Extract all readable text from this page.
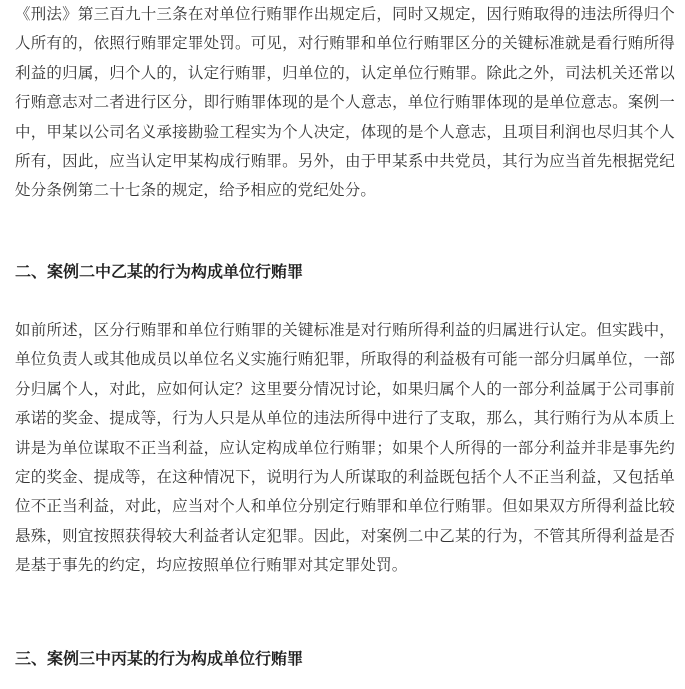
《刑法》第三百九十三条在对单位行贿罪作出规定后，同时又规定，因行贿取得的违法所得归个人所有的，依照行贿罪定罪处罚。可见，对行贿罪和单位行贿罪区分的关键标准就是看行贿所得利益的归属，归个人的，认定行贿罪，归单位的，认定单位行贿罪。除此之外，司法机关还常以行贿意志对二者进行区分，即行贿罪体现的是个人意志，单位行贿罪体现的是单位意志。案例一中，甲某以公司名义承接勘验工程实为个人决定，体现的是个人意志，且项目利润也尽归其个人所有，因此，应当认定甲某构成行贿罪。另外，由于甲某系中共党员，其行为应当首先根据党纪处分条例第二十七条的规定，给予相应的党纪处分。

二、案例二中乙某的行为构成单位行贿罪

如前所述，区分行贿罪和单位行贿罪的关键标准是对行贿所得利益的归属进行认定。但实践中，单位负责人或其他成员以单位名义实施行贿犯罪，所取得的利益极有可能一部分归属单位，一部分归属个人，对此，应如何认定？这里要分情况讨论，如果归属个人的一部分利益属于公司事前承诺的奖金、提成等，行为人只是从单位的违法所得中进行了支取，那么，其行贿行为从本质上讲是为单位谋取不正当利益，应认定构成单位行贿罪；如果个人所得的一部分利益并非是事先约定的奖金、提成等，在这种情况下，说明行为人所谋取的利益既包括个人不正当利益，又包括单位不正当利益，对此，应当对个人和单位分别定行贿罪和单位行贿罪。但如果双方所得利益比较悬殊，则宜按照获得较大利益者认定犯罪。因此，对案例二中乙某的行为，不管其所得利益是否是基于事先的约定，均应按照单位行贿罪对其定罪处罚。

三、案例三中丙某的行为构成单位行贿罪
